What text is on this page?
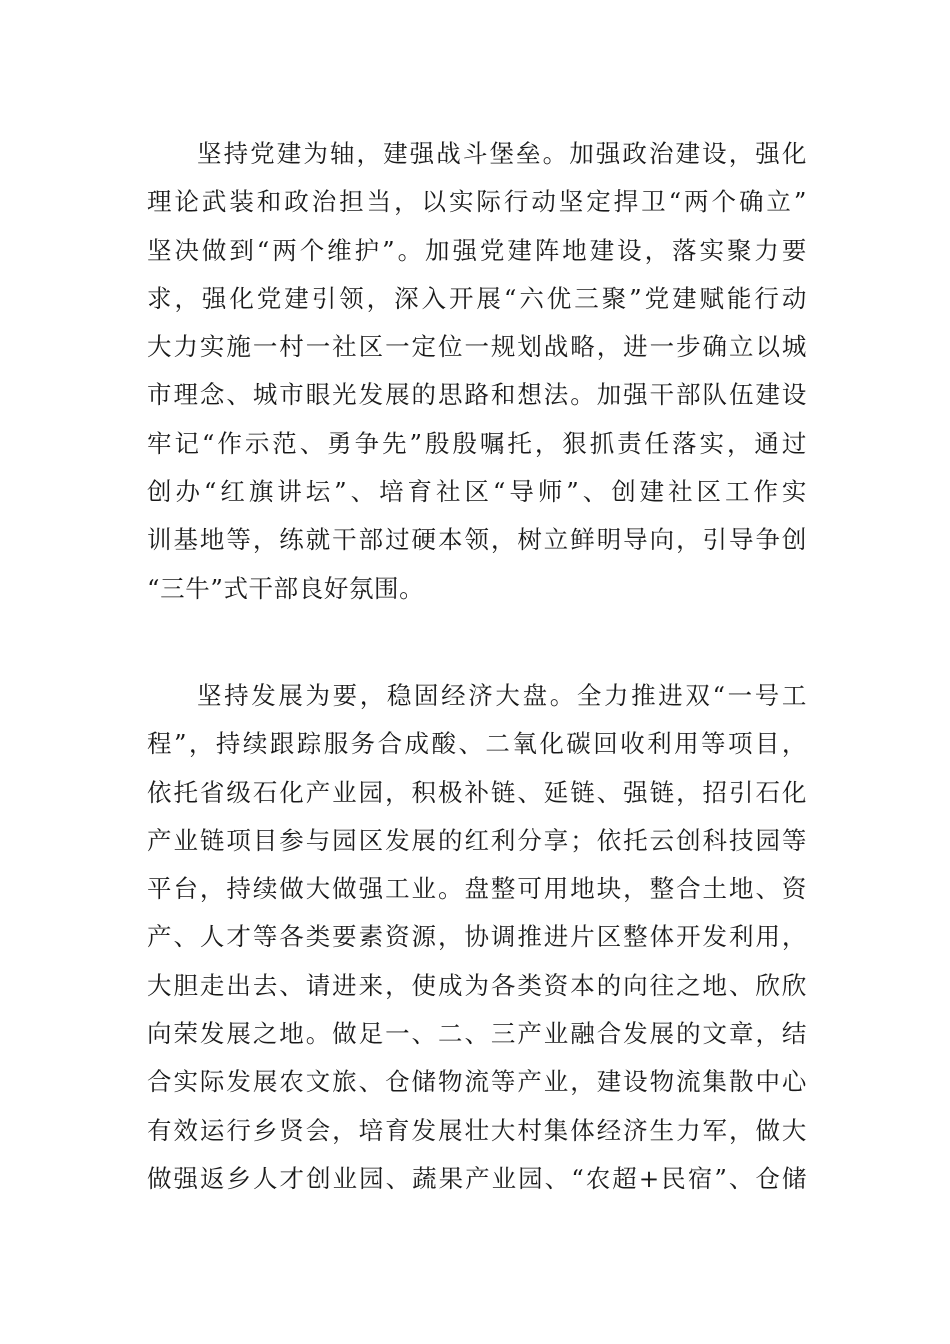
坚持党建为轴，建强战斗堡垒。加强政治建设，强化
理论武装和政治担当，以实际行动坚定捍卫“两个确立”
坚决做到“两个维护”。加强党建阵地建设，落实聚力要
求，强化党建引领，深入开展“六优三聚”党建赋能行动
大力实施一村一社区一定位一规划战略，进一步确立以城
市理念、城市眼光发展的思路和想法。加强干部队伍建设
牢记“作示范、勇争先”殷殷嘱托，狠抓责任落实，通过
创办“红旗讲坛”、培育社区“导师”、创建社区工作实
训基地等，练就干部过硬本领，树立鲜明导向，引导争创
“三牛”式干部良好氛围。
坚持发展为要，稳固经济大盘。全力推进双“一号工
程”，持续跟踪服务合成酸、二氧化碳回收利用等项目，
依托省级石化产业园，积极补链、延链、强链，招引石化
产业链项目参与园区发展的红利分享；依托云创科技园等
平台，持续做大做强工业。盘整可用地块，整合土地、资
产、人才等各类要素资源，协调推进片区整体开发利用，
大胆走出去、请进来，使成为各类资本的向往之地、欣欣
向荣发展之地。做足一、二、三产业融合发展的文章，结
合实际发展农文旅、仓储物流等产业，建设物流集散中心
有效运行乡贤会，培育发展壮大村集体经济生力军，做大
做强返乡人才创业园、蔬果产业园、“农超+民宿”、仓储
